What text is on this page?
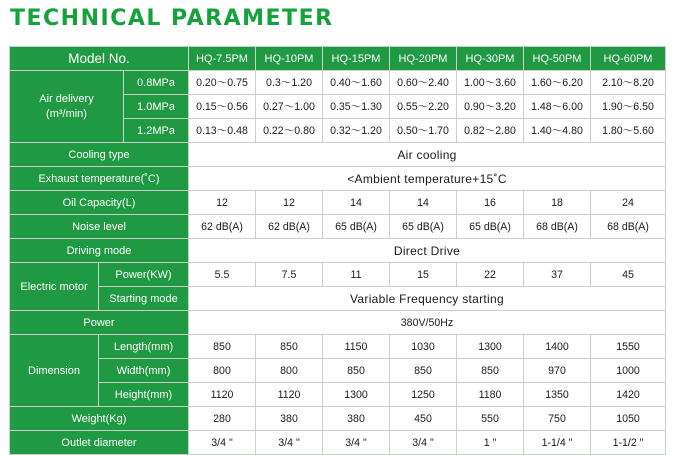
TECHNICAL PARAMETER
Model No.			HQ-7.5PM	HQ-10PM	HQ-15PM	HQ-20PM	HQ-30PM	HQ-50PM	HQ-60PM

Air delivery
(m³/min)		0.8MPa	0.20～0.75	0.3～1.20	0.40～1.60	0.60～2.40	1.00～3.60	1.60～6.20	2.10～8.20
		1.0MPa	0.15～0.56	0.27～1.00	0.35～1.30	0.55～2.20	0.90～3.20	1.48～6.00	1.90～6.50
		1.2MPa	0.13～0.48	0.22～0.80	0.32～1.20	0.50～1.70	0.82～2.80	1.40～4.80	1.80～5.60
Cooling type			Air cooling						
Exhaust temperature(˚C)			<Ambient temperature+15˚C						
Oil Capacity(L)			12	12	14	14	16	18	24
Noise level			62 dB(A)	62 dB(A)	65 dB(A)	65 dB(A)	65 dB(A)	68 dB(A)	68 dB(A)
Driving mode			Direct Drive						
Electric motor	Power(KW)		5.5	7.5	11	15	22	37	45
	Starting mode		Variable Frequency starting						
Power			380V/50Hz						
Dimension	Length(mm)		850	850	1150	1030	1300	1400	1550
	Width(mm)		800	800	850	850	850	970	1000
	Height(mm)		1120	1120	1300	1250	1180	1350	1420
Weight(Kg)			280	380	380	450	550	750	1050
Outlet diameter			3/4 "	3/4 "	3/4 "	3/4 "	1 "	1-1/4 "	1-1/2 "
